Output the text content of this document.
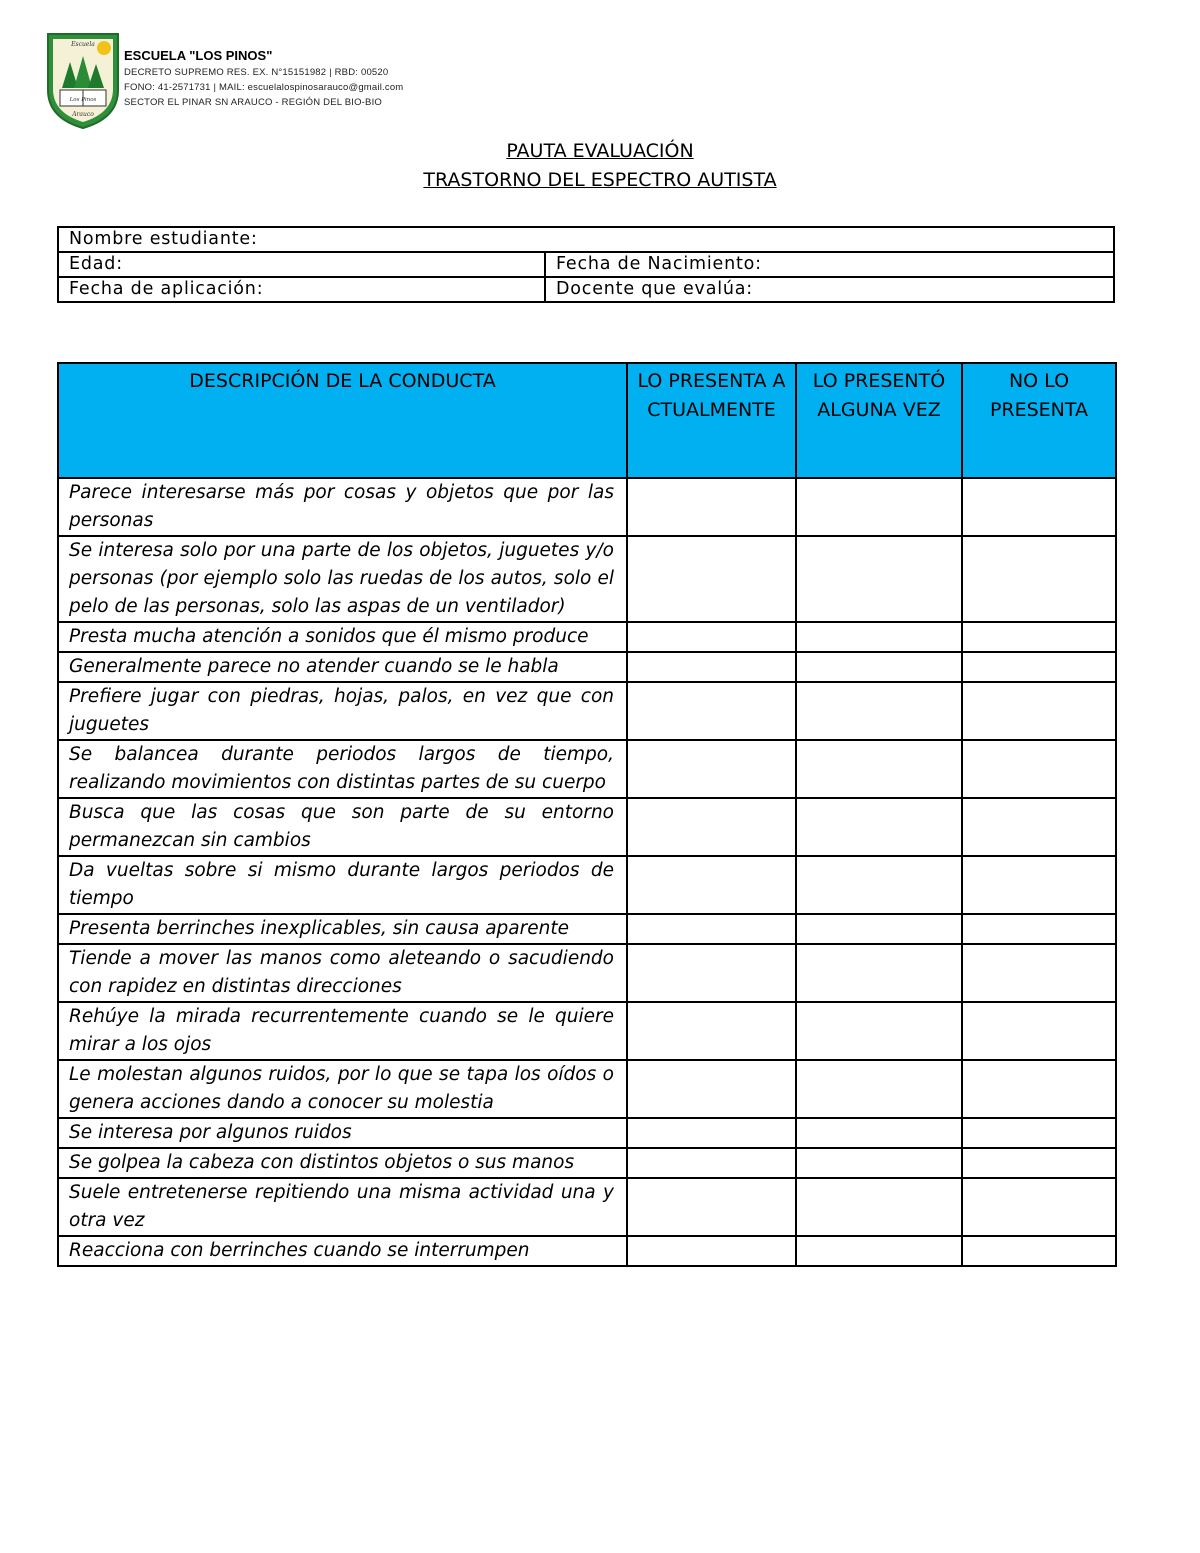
Escuela
Los Pinos
Arauco
ESCUELA "LOS PINOS"
DECRETO SUPREMO RES. EX. N°15151982 | RBD: 00520
FONO: 41-2571731 | MAIL: escuelalospinosarauco@gmail.com
SECTOR EL PINAR SN ARAUCO - REGIÓN DEL BIO-BIO
PAUTA EVALUACIÓN
TRASTORNO DEL ESPECTRO AUTISTA
Nombre estudiante:	
Edad:	Fecha de Nacimiento:
Fecha de aplicación:	Docente que evalúa:
DESCRIPCIÓN DE LA CONDUCTA	LO PRESENTA ACTUALMENTE	LO PRESENTÓ ALGUNA VEZ	NO LO PRESENTA
Parece interesarse más por cosas y objetos que por las personas			
Se interesa solo por una parte de los objetos, juguetes y/o personas (por ejemplo solo las ruedas de los autos, solo el pelo de las personas, solo las aspas de un ventilador)			
Presta mucha atención a sonidos que él mismo produce			
Generalmente parece no atender cuando se le habla			
Prefiere jugar con piedras, hojas, palos, en vez que con juguetes			
Se balancea durante periodos largos de tiempo, realizando movimientos con distintas partes de su cuerpo			
Busca que las cosas que son parte de su entorno permanezcan sin cambios			
Da vueltas sobre si mismo durante largos periodos de tiempo			
Presenta berrinches inexplicables, sin causa aparente			
Tiende a mover las manos como aleteando o sacudiendo con rapidez en distintas direcciones			
Rehúye la mirada recurrentemente cuando se le quiere mirar a los ojos			
Le molestan algunos ruidos, por lo que se tapa los oídos o genera acciones dando a conocer su molestia			
Se interesa por algunos ruidos			
Se golpea la cabeza con distintos objetos o sus manos			
Suele entretenerse repitiendo una misma actividad una y otra vez			
Reacciona con berrinches cuando se interrumpen			
